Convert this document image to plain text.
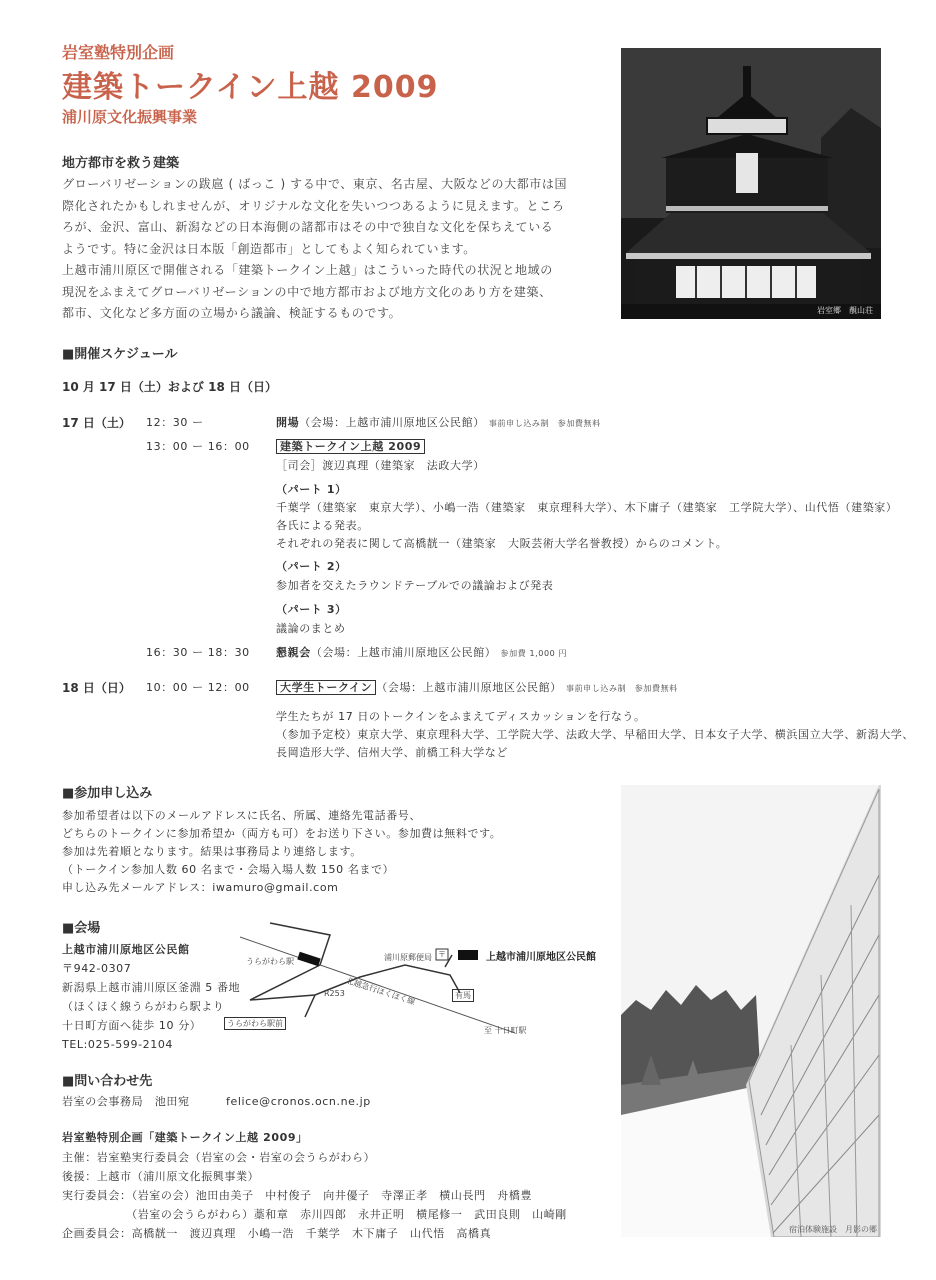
岩室塾特別企画
建築トークイン上越 2009
浦川原文化振興事業
岩室郷　靚山荘
地方都市を救う建築
グローバリゼーションの跋扈 ( ばっこ ) する中で、東京、名古屋、大阪などの大都市は国
際化されたかもしれませんが、オリジナルな文化を失いつつあるように見えます。ところ
ろが、金沢、富山、新潟などの日本海側の諸都市はその中で独自な文化を保ちえている
ようです。特に金沢は日本版「創造都市」としてもよく知られています。
上越市浦川原区で開催される「建築トークイン上越」はこういった時代の状況と地域の
現況をふまえてグローバリゼーションの中で地方都市および地方文化のあり方を建築、
都市、文化など多方面の立場から議論、検証するものです。
■開催スケジュール
10 月 17 日（土）および 18 日（日）
17 日（土） 12：30 ー	開場（会場：上越市浦川原地区公民館） 事前申し込み制　参加費無料
13：00 ー 16：00	建築トークイン上越 2009
［司会］渡辺真理（建築家　法政大学）
（パート 1）
千葉学（建築家　東京大学）、小嶋一浩（建築家　東京理科大学）、木下庸子（建築家　工学院大学）、山代悟（建築家）
各氏による発表。
それぞれの発表に関して高橋靗一（建築家　大阪芸術大学名誉教授）からのコメント。
（パート 2）
参加者を交えたラウンドテーブルでの議論および発表
（パート 3）
議論のまとめ
16：30 ー 18：30 懇親会（会場：上越市浦川原地区公民館） 参加費 1,000 円
18 日（日） 10：00 ー 12：00	大学生トークイン （会場：上越市浦川原地区公民館） 事前申し込み制　参加費無料
学生たちが 17 日のトークインをふまえてディスカッションを行なう。
（参加予定校）東京大学、東京理科大学、工学院大学、法政大学、早稲田大学、日本女子大学、横浜国立大学、新潟大学、
長岡造形大学、信州大学、前橋工科大学など
■参加申し込み
参加希望者は以下のメールアドレスに氏名、所属、連絡先電話番号、
どちらのトークインに参加希望か（両方も可）をお送り下さい。参加費は無料です。
参加は先着順となります。結果は事務局より連絡します。
（トークイン参加人数 60 名まで・会場入場人数 150 名まで）
申し込み先メールアドレス：iwamuro@gmail.com
■会場
上越市浦川原地区公民館
〒942-0307
新潟県上越市浦川原区釜淵 5 番地
（ほくほく線うらがわら駅より
十日町方面へ徒歩 10 分）
TEL:025-599-2104
うらがわら駅
うらがわら駅前
浦川原郵便局 〒	上越市浦川原地区公民館
北越急行ほくほく線
R253	有馬
至 十日町駅
■問い合わせ先
岩室の会事務局　池田宛	felice@cronos.ocn.ne.jp
岩室塾特別企画「建築トークイン上越 2009」
主催：岩室塾実行委員会（岩室の会・岩室の会うらがわら）
後援：上越市（浦川原文化振興事業）
実行委員会：（岩室の会）池田由美子　中村俊子　向井優子　寺澤正孝　横山長門　舟橋豊
　　　　　　（岩室の会うらがわら）藁和章　赤川四郎　永井正明　横尾修一　武田良則　山崎剛
企画委員会：高橋靗一　渡辺真理　小嶋一浩　千葉学　木下庸子　山代悟　高橋真	宿泊体験施設　月影の郷
